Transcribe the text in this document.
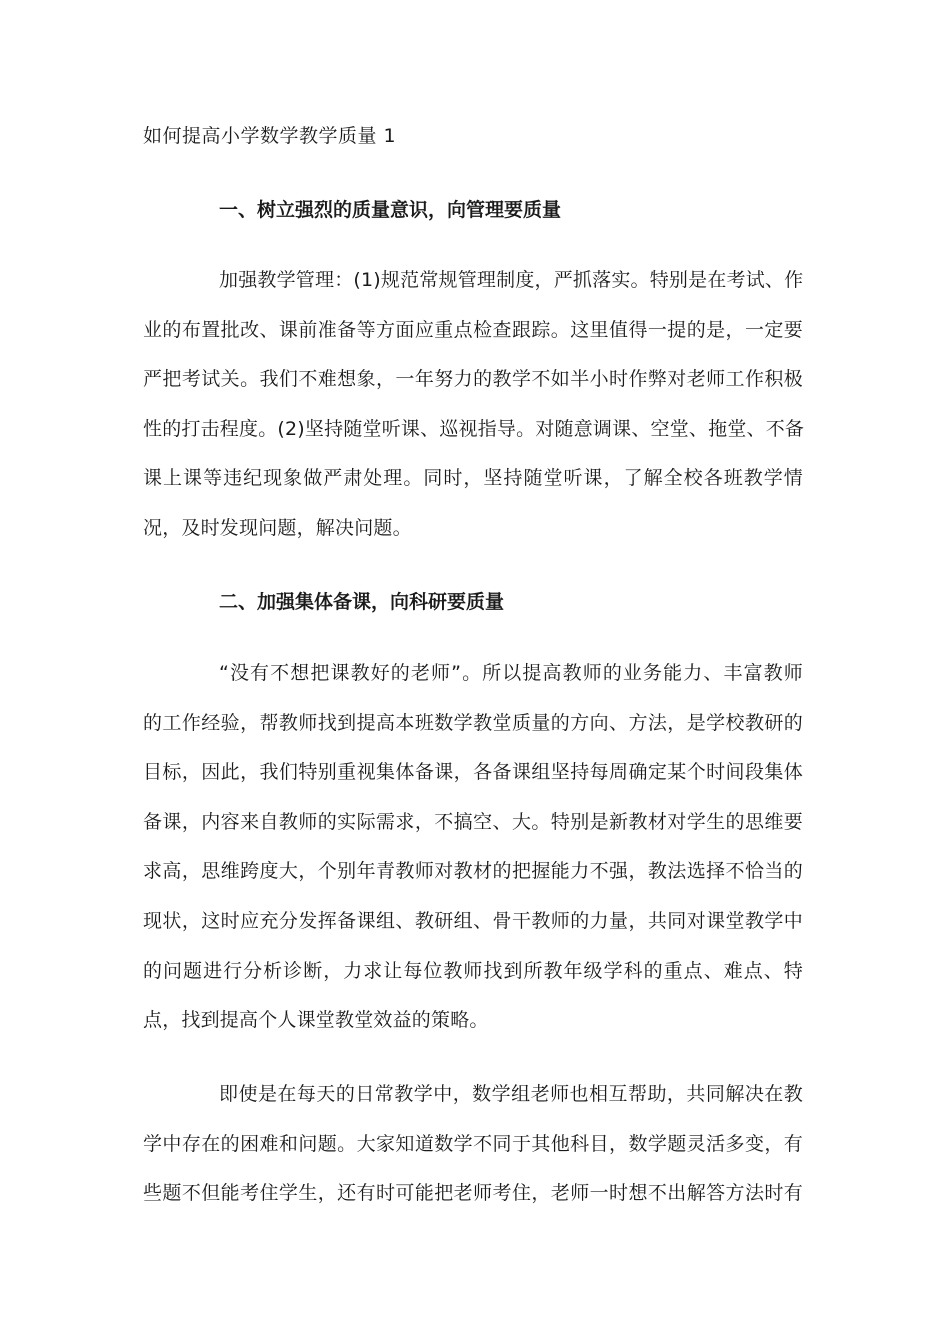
如何提高小学数学教学质量 1
一、树立强烈的质量意识，向管理要质量
加强教学管理：(1)规范常规管理制度，严抓落实。特别是在考试、作
业的布置批改、课前准备等方面应重点检查跟踪。这里值得一提的是，一定要
严把考试关。我们不难想象，一年努力的教学不如半小时作弊对老师工作积极
性的打击程度。(2)坚持随堂听课、巡视指导。对随意调课、空堂、拖堂、不备
课上课等违纪现象做严肃处理。同时，坚持随堂听课，了解全校各班教学情
况，及时发现问题，解决问题。
二、加强集体备课，向科研要质量
“没有不想把课教好的老师”。所以提高教师的业务能力、丰富教师
的工作经验，帮教师找到提高本班数学教堂质量的方向、方法，是学校教研的
目标，因此，我们特别重视集体备课，各备课组坚持每周确定某个时间段集体
备课，内容来自教师的实际需求，不搞空、大。特别是新教材对学生的思维要
求高，思维跨度大，个别年青教师对教材的把握能力不强，教法选择不恰当的
现状，这时应充分发挥备课组、教研组、骨干教师的力量，共同对课堂教学中
的问题进行分析诊断，力求让每位教师找到所教年级学科的重点、难点、特
点，找到提高个人课堂教堂效益的策略。
即使是在每天的日常教学中，数学组老师也相互帮助，共同解决在教
学中存在的困难和问题。大家知道数学不同于其他科目，数学题灵活多变，有
些题不但能考住学生，还有时可能把老师考住，老师一时想不出解答方法时有
